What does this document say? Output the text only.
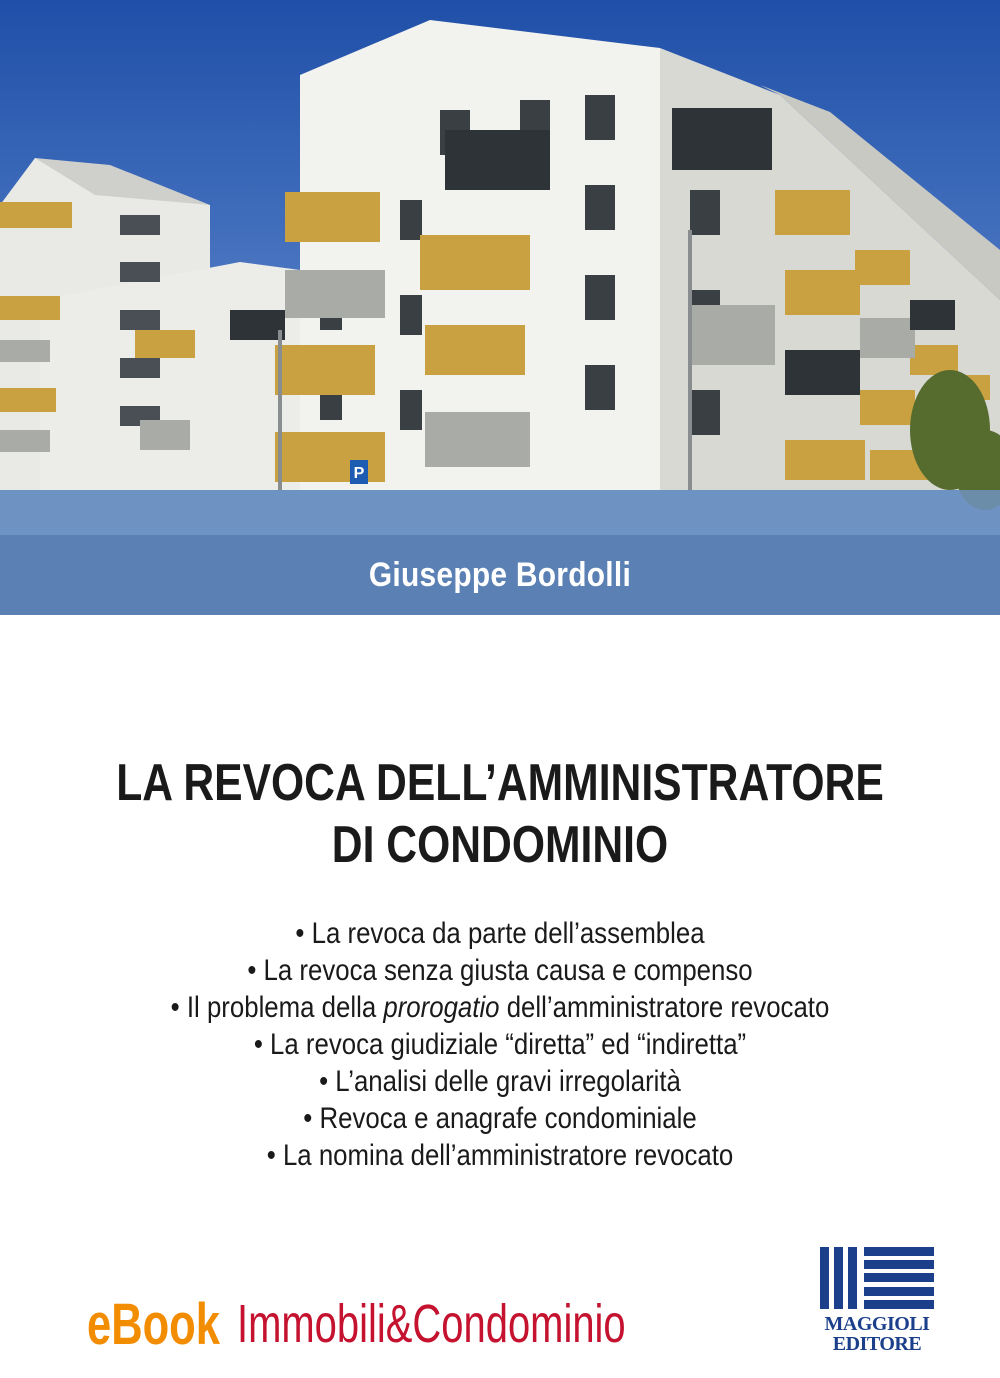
P
Giuseppe Bordolli
LA REVOCA DELL’AMMINISTRATORE
DI CONDOMINIO
• La revoca da parte dell’assemblea
• La revoca senza giusta causa e compenso
• Il problema della prorogatio dell’amministratore revocato
• La revoca giudiziale “diretta” ed “indiretta”
• L’analisi delle gravi irregolarità
• Revoca e anagrafe condominiale
• La nomina dell’amministratore revocato
eBook Immobili&Condominio	MAGGIOLI
EDITORE
